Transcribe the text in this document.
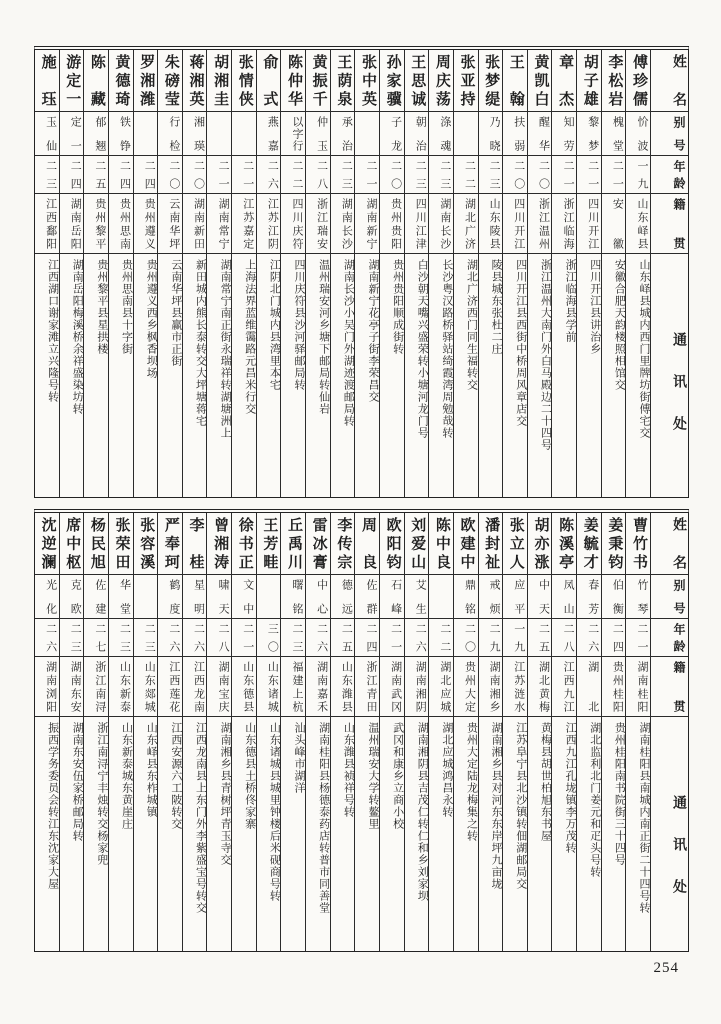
姓名
别号
年龄
籍贯
通讯处
傅珍儒
忦波
一九
山东峄县
山东峄县城内西门里牌坊街傅宅交
李松岩
槐堂
二一
安徽
安徽合肥天韵楼照相馆交
胡子雄
黎梦
二一
四川开江
四川开江县讲治乡
章杰
知劳
二一
浙江临海
浙江临海县学前
黄凯白
醒华
二〇
浙江温州
浙江温州大南门外白马殿边二十四号
王翰
扶弱
二〇
四川开江
四川开江县西街中桥周风章店交
张梦缇
乃晓
二三
山东陵县
陵县城东张杜二庄
张亚持
二二
湖北广济
湖北广济西门同生福转交
周庆荡
涤魂
二三
湖南长沙
长沙粤汉路桥驿站绮霞湾周勉哉转
王思诚
朝治
二三
四川江津
白沙朝天嘴兴盛荣转小塘河龙门号
孙家骥
子龙
二〇
贵州贵阳
贵州贵阳顺成街转
张中英
二一
湖南新宁
湖南新宁花亭子街李荣昌交
王荫泉
承治
二三
湖南长沙
湖南长沙小吴门外湖迹渡邮局转
黄振千
仲玉
二八
浙江瑞安
温州瑞安河乡塘下邮局转仙岩
陈仲华
以字行
二二
四川庆符
四川庆符县沙河驿邮局转
俞式
燕嘉
二六
江苏江阴
江阴北门城内县湾里本宅
张情侠
二一
江苏嘉定
上海法界蓝维霭路元昌米行交
胡湘圭
二一
湖南常宁
湖南常宁南正街永瑞祥转湖塘洲上
蒋湘英
湘瑛
二〇
湖南新田
新田城内熊长泰转交大坪塘蒋宅
朱磅莹
行检
二〇
云南华坪
云南华坪县赢市正街
罗湘潍
二四
贵州遵义
贵州遵义西乡枫香坝场
黄德琦
铁铮
二四
贵州思南
贵州思南县十字街
陈藏
郁翘
二五
贵州黎平
贵州黎平县星拱楼
游定一
定一
二四
湖南岳阳
湖南岳阳梅溪桥余祥盛染坊转
施珏
玉仙
二三
江西鄱阳
江西湖口谢家滩立兴隆号转
姓名
别号
年龄
籍贯
通讯处
曹竹书
竹琴
二一
湖南桂阳
湖南桂阳县南城内南正街二十四号转
姜秉钧
伯衡
二四
贵州桂阳
贵州桂阳南书院街三十四号
姜毓才
春芳
二六
湖北
湖北监利北门姜元和疋头号转
陈溪亭
凤山
二八
江西九江
江西九江孔垅镇李万茂转
胡亦涨
中天
二五
湖北黄梅
黄梅县胡世柏旭东书屋
张立人
应平
一九
江苏涟水
江苏阜宁县北沙镇转佃湖邮局交
潘封祉
戒烦
二九
湖南湘乡
湖南湘乡县对河东东岸坪九亩垅
欧建中
鼎铭
二〇
贵州大定
贵州大定陆龙梅集之转
陈中良
二二
湖北应城
湖北应城鸿昌永转
刘爱山
艾生
二六
湖南湘阴
湖南湘阴县吉茂仁转仁和乡刘家坝
欧阳钧
石峰
二一
湖南武冈
武冈和康乡立商小校
周良
佐群
二四
浙江青田
温州瑞安大学转鳌里
李传宗
德远
二五
山东潍县
山东潍县祯祥号转
雷冰膏
中心
二六
湖南嘉禾
湖南桂阳县杨德泰药店转普市同善堂
丘禹川
曙铭
二三
福建上杭
汕头峰市湖洋
王芳畦
三〇
山东诸城
山东诸城县城里钟楼后米砚商号转
徐书正
文中
二一
山东德县
山东德县土桥佟家寨
曾湘涛
啸天
二八
湖南宝庆
湖南湘乡县青树坪青玉寺交
李桂
星明
二六
江西龙南
江西龙南县上东门外李紫盛宝号转交
严奉珂
鹤度
二六
江西莲花
江西安源六工陂转交
张容溪
二三
山东郯城
山东峄县东柞城镇
张荣田
华堂
二三
山东新泰
山东新泰城东黄崖庄
杨民旭
佐建
二七
浙江南浔
浙江南浔宁丰烛转交杨家兜
席中枢
克欧
二三
湖南东安
湖南东安伍家桥邮局转
沈逆澜
光化
二六
湖南浏阳
振西学务委员会转江东沈家大屋
254
